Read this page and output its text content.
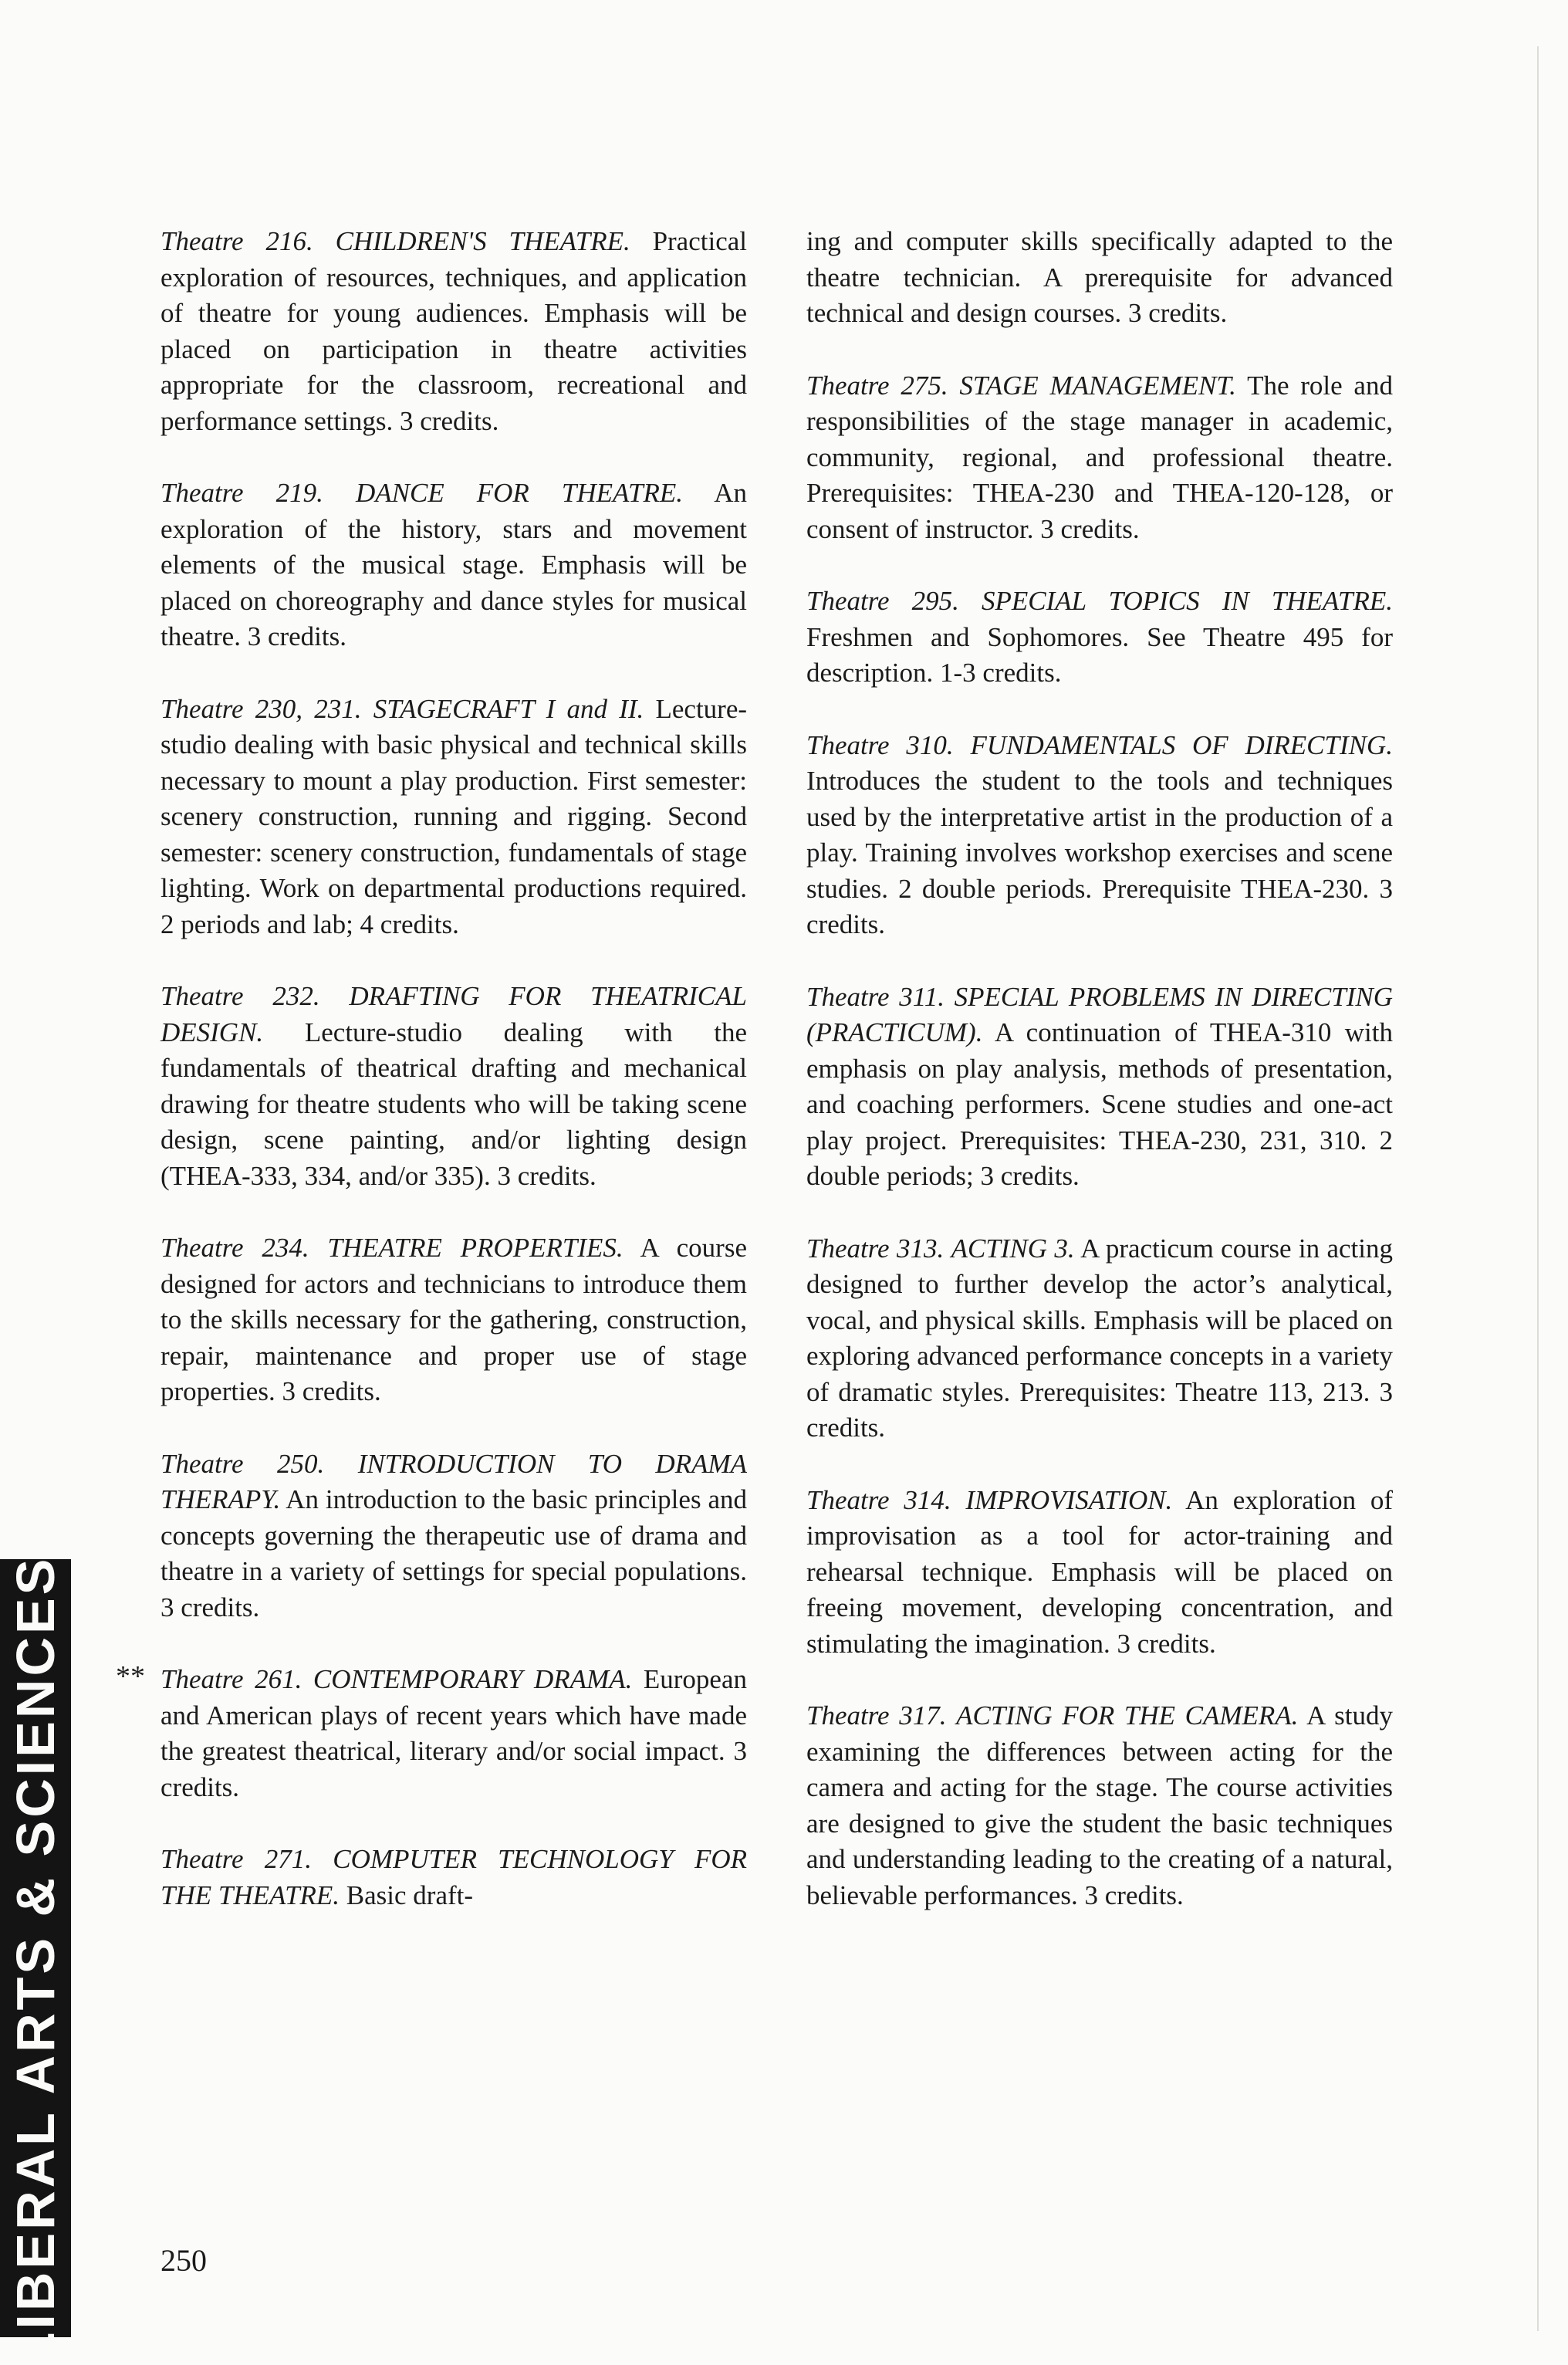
Theatre 216. CHILDREN'S THEATRE. Practical exploration of resources, techniques, and application of theatre for young audiences. Emphasis will be placed on participation in theatre activities appropriate for the classroom, recreational and performance settings. 3 credits.

Theatre 219. DANCE FOR THEATRE. An exploration of the history, stars and movement elements of the musical stage. Emphasis will be placed on choreography and dance styles for musical theatre. 3 credits.

Theatre 230, 231. STAGECRAFT I and II. Lecture-studio dealing with basic physical and technical skills necessary to mount a play production. First semester: scenery construction, running and rigging. Second semester: scenery construction, fundamentals of stage lighting. Work on departmental productions required. 2 periods and lab; 4 credits.

Theatre 232. DRAFTING FOR THEATRICAL DESIGN. Lecture-studio dealing with the fundamentals of theatrical drafting and mechanical drawing for theatre students who will be taking scene design, scene painting, and/or lighting design (THEA-333, 334, and/or 335). 3 credits.

Theatre 234. THEATRE PROPERTIES. A course designed for actors and technicians to introduce them to the skills necessary for the gathering, construction, repair, maintenance and proper use of stage properties. 3 credits.

Theatre 250. INTRODUCTION TO DRAMA THERAPY. An introduction to the basic principles and concepts governing the therapeutic use of drama and theatre in a variety of settings for special populations. 3 credits.

** Theatre 261. CONTEMPORARY DRAMA. European and American plays of recent years which have made the greatest theatrical, literary and/or social impact. 3 credits.

Theatre 271. COMPUTER TECHNOLOGY FOR THE THEATRE. Basic draft-

ing and computer skills specifically adapted to the theatre technician. A prerequisite for advanced technical and design courses. 3 credits.

Theatre 275. STAGE MANAGEMENT. The role and responsibilities of the stage manager in academic, community, regional, and professional theatre. Prerequisites: THEA-230 and THEA-120-128, or consent of instructor. 3 credits.

Theatre 295. SPECIAL TOPICS IN THEATRE. Freshmen and Sophomores. See Theatre 495 for description. 1-3 credits.

Theatre 310. FUNDAMENTALS OF DIRECTING. Introduces the student to the tools and techniques used by the interpretative artist in the production of a play. Training involves workshop exercises and scene studies. 2 double periods. Prerequisite THEA-230. 3 credits.

Theatre 311. SPECIAL PROBLEMS IN DIRECTING (PRACTICUM). A continuation of THEA-310 with emphasis on play analysis, methods of presentation, and coaching performers. Scene studies and one-act play project. Prerequisites: THEA-230, 231, 310. 2 double periods; 3 credits.

Theatre 313. ACTING 3. A practicum course in acting designed to further develop the actor’s analytical, vocal, and physical skills. Emphasis will be placed on exploring advanced performance concepts in a variety of dramatic styles. Prerequisites: Theatre 113, 213. 3 credits.

Theatre 314. IMPROVISATION. An exploration of improvisation as a tool for actor-training and rehearsal technique. Emphasis will be placed on freeing movement, developing concentration, and stimulating the imagination. 3 credits.

Theatre 317. ACTING FOR THE CAMERA. A study examining the differences between acting for the camera and acting for the stage. The course activities are designed to give the student the basic techniques and understanding leading to the creating of a natural, believable performances. 3 credits.

250
LIBERAL ARTS & SCIENCES
